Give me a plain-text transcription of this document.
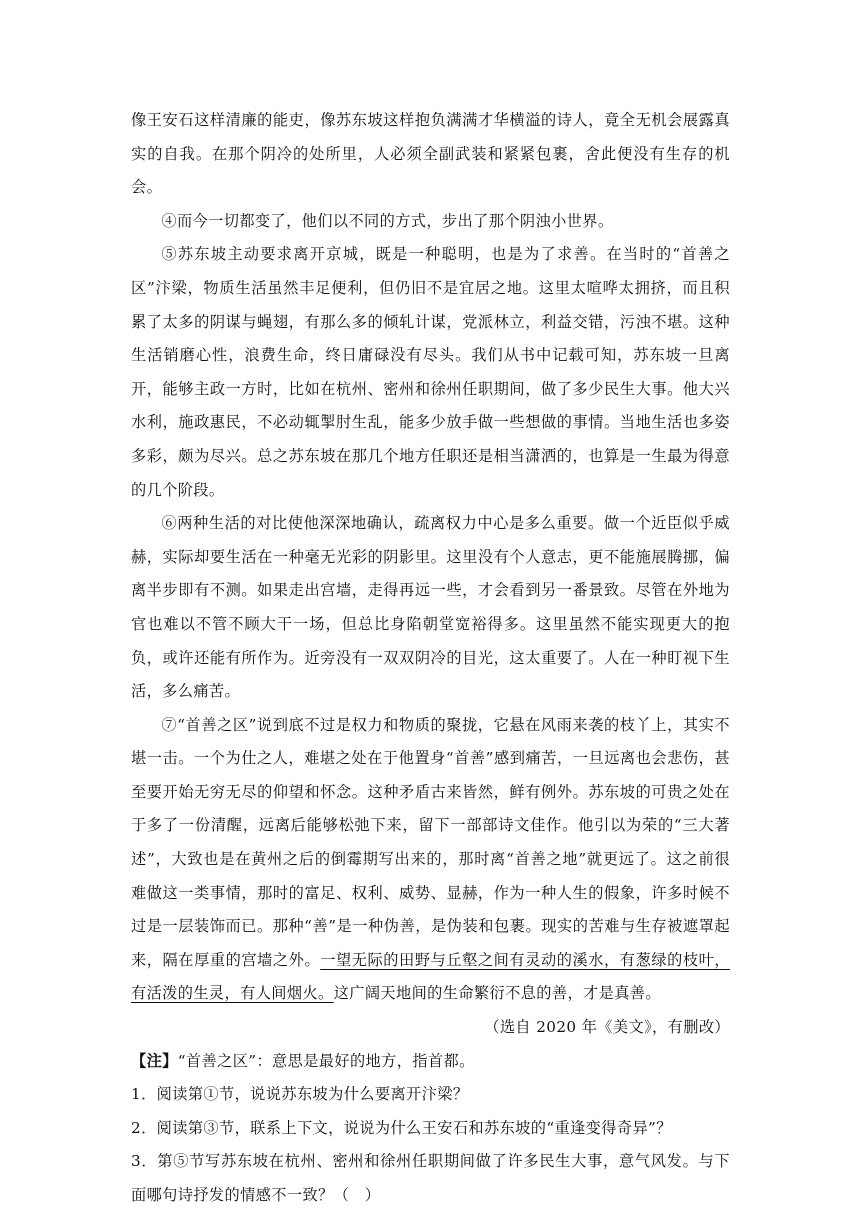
像王安石这样清廉的能吏，像苏东坡这样抱负满满才华横溢的诗人，竟全无机会展露真实的自我。在那个阴冷的处所里，人必须全副武装和紧紧包裹，舍此便没有生存的机会。

④而今一切都变了，他们以不同的方式，步出了那个阴浊小世界。

⑤苏东坡主动要求离开京城，既是一种聪明，也是为了求善。在当时的“首善之区”汴梁，物质生活虽然丰足便利，但仍旧不是宜居之地。这里太喧哗太拥挤，而且积累了太多的阴谋与蝇翅，有那么多的倾轧计谋，党派林立，利益交错，污浊不堪。这种生活销磨心性，浪费生命，终日庸碌没有尽头。我们从书中记载可知，苏东坡一旦离开，能够主政一方时，比如在杭州、密州和徐州任职期间，做了多少民生大事。他大兴水利，施政惠民，不必动辄掣肘生乱，能多少放手做一些想做的事情。当地生活也多姿多彩，颇为尽兴。总之苏东坡在那几个地方任职还是相当潇洒的，也算是一生最为得意的几个阶段。

⑥两种生活的对比使他深深地确认，疏离权力中心是多么重要。做一个近臣似乎威赫，实际却要生活在一种毫无光彩的阴影里。这里没有个人意志，更不能施展腾挪，偏离半步即有不测。如果走出宫墙，走得再远一些，才会看到另一番景致。尽管在外地为官也难以不管不顾大干一场，但总比身陷朝堂宽裕得多。这里虽然不能实现更大的抱负，或许还能有所作为。近旁没有一双双阴冷的目光，这太重要了。人在一种盯视下生活，多么痛苦。

⑦“首善之区”说到底不过是权力和物质的聚拢，它悬在风雨来袭的枝丫上，其实不堪一击。一个为仕之人，难堪之处在于他置身“首善”感到痛苦，一旦远离也会悲伤，甚至要开始无穷无尽的仰望和怀念。这种矛盾古来皆然，鲜有例外。苏东坡的可贵之处在于多了一份清醒，远离后能够松弛下来，留下一部部诗文佳作。他引以为荣的“三大著述”，大致也是在黄州之后的倒霉期写出来的，那时离“首善之地”就更远了。这之前很难做这一类事情，那时的富足、权利、威势、显赫，作为一种人生的假象，许多时候不过是一层装饰而已。那种“善”是一种伪善，是伪装和包裹。现实的苦难与生存被遮罩起来，隔在厚重的宫墙之外。一望无际的田野与丘壑之间有灵动的溪水，有葱绿的枝叶，有活泼的生灵，有人间烟火。这广阔天地间的生命繁衍不息的善，才是真善。

（选自 2020 年《美文》，有删改）

【注】“首善之区”：意思是最好的地方，指首都。

1．阅读第①节，说说苏东坡为什么要离开汴梁？

2．阅读第③节，联系上下文，说说为什么王安石和苏东坡的“重逢变得奇异”？

3．第⑤节写苏东坡在杭州、密州和徐州任职期间做了许多民生大事，意气风发。与下面哪句诗抒发的情感不一致？（　）
